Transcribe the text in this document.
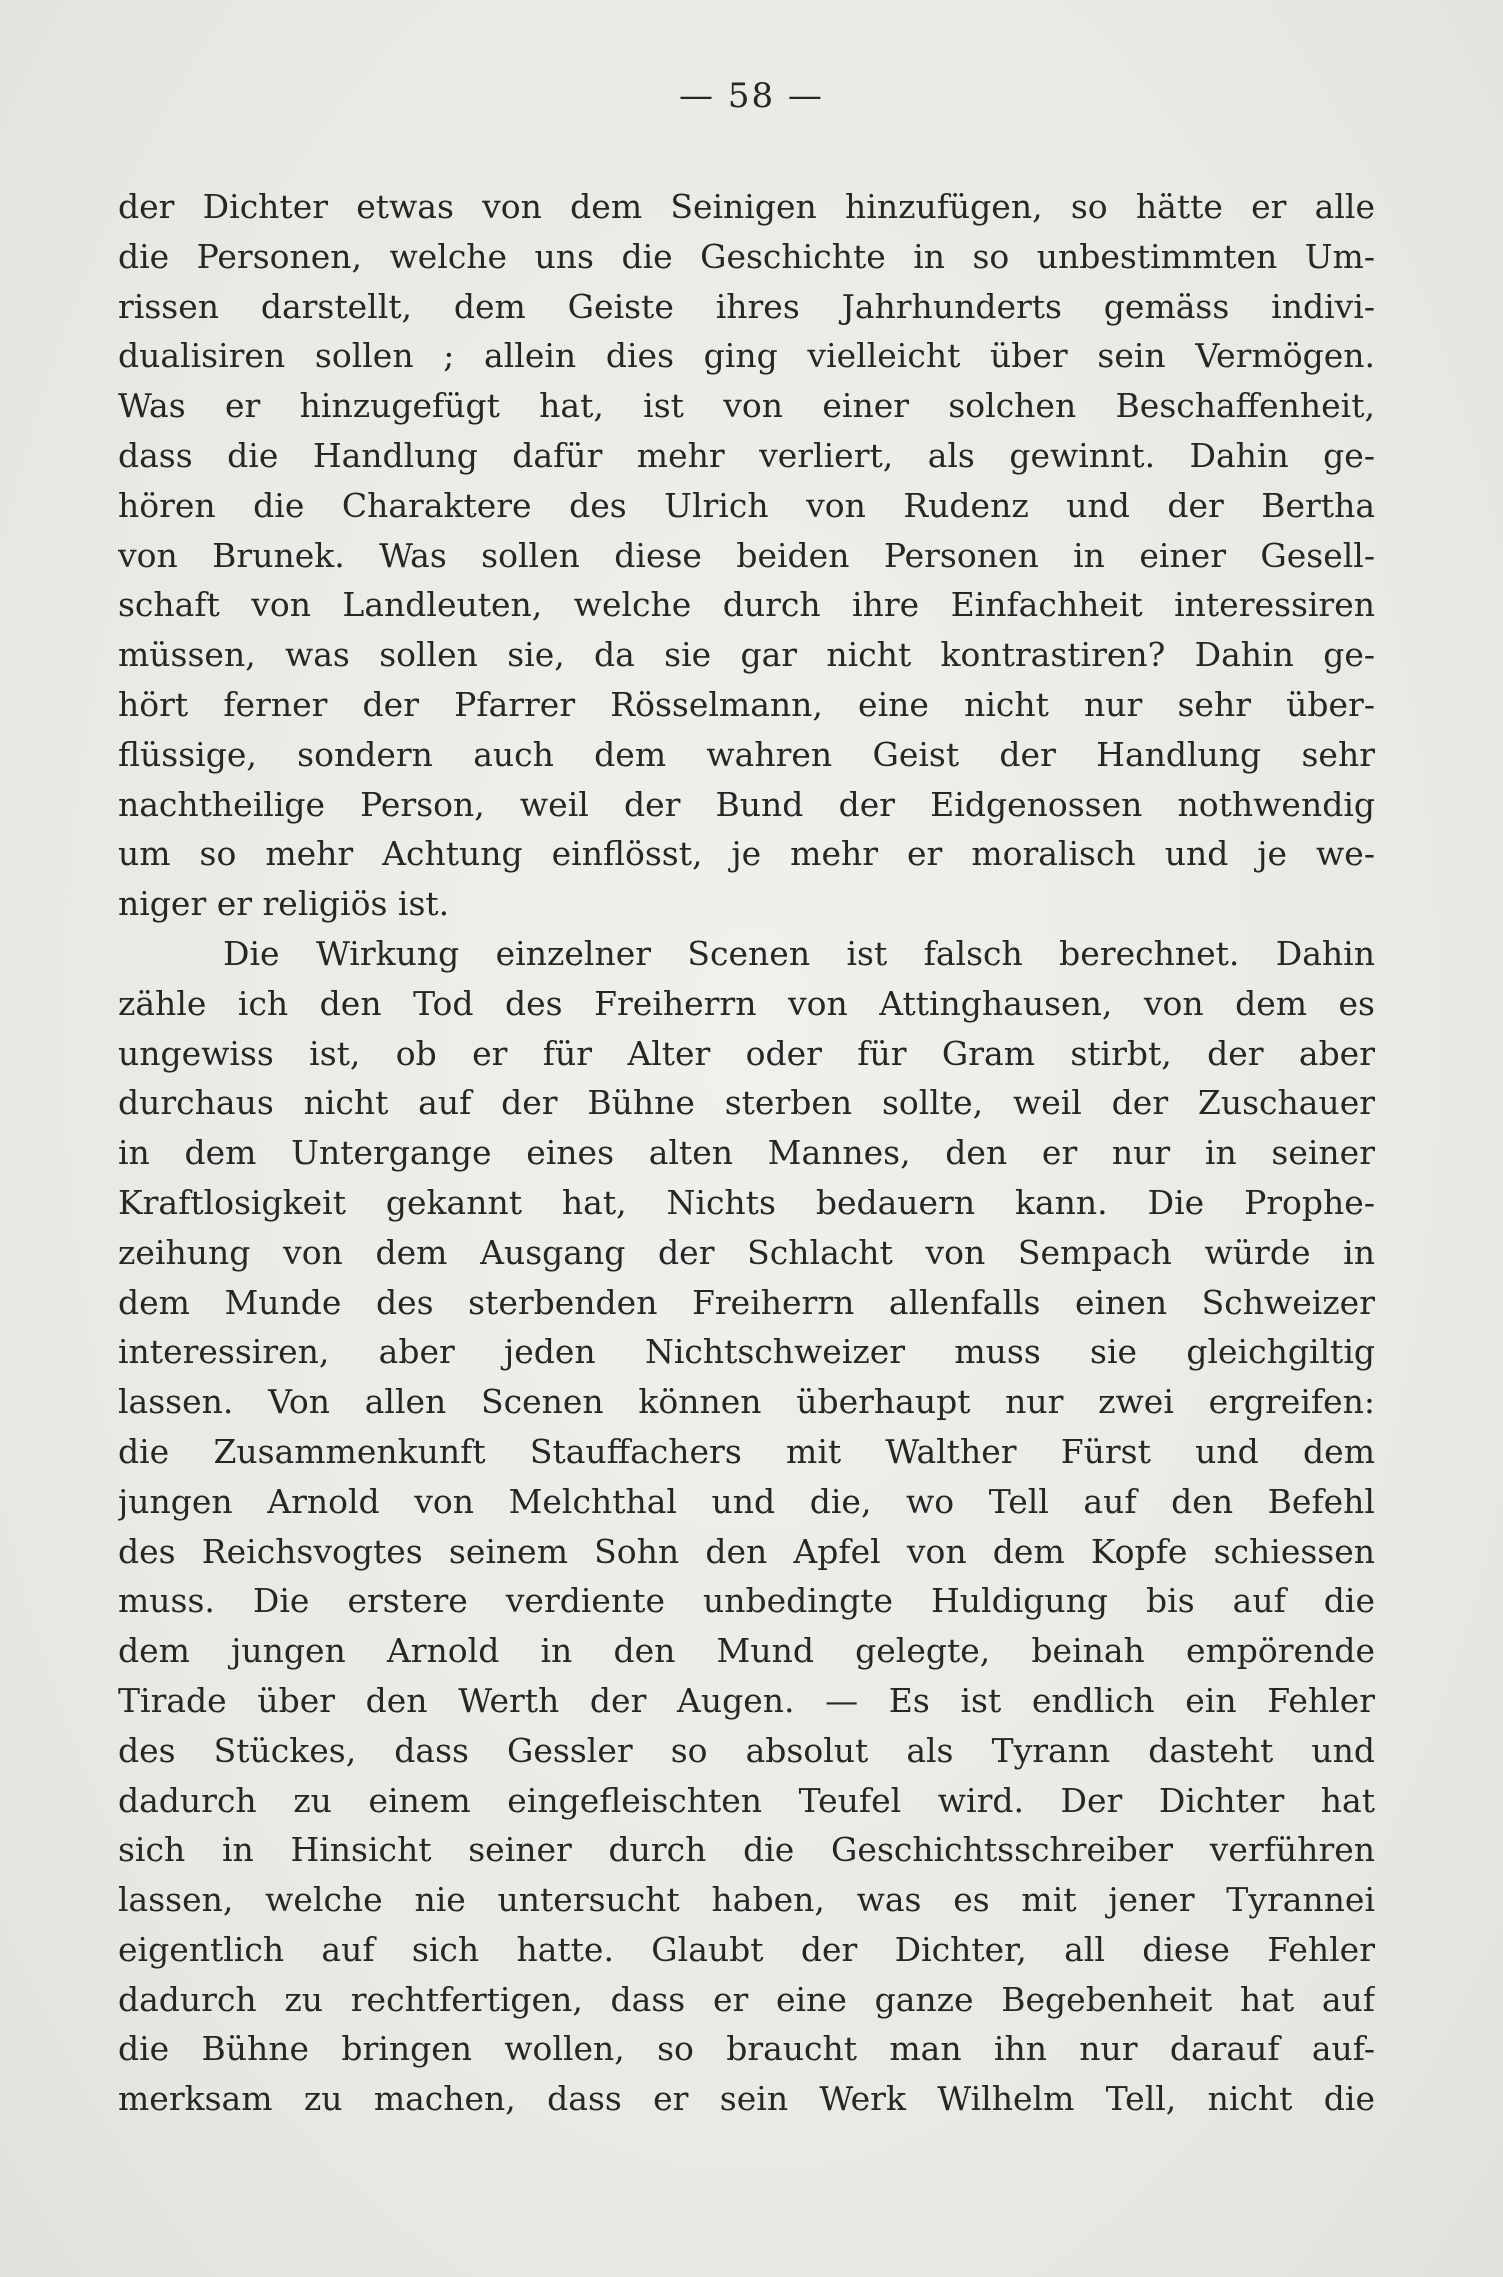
— 58 —
der Dichter etwas von dem Seinigen hinzufügen, so hätte er alle
die Personen, welche uns die Geschichte in so unbestimmten Um-
rissen darstellt, dem Geiste ihres Jahrhunderts gemäss indivi-
dualisiren sollen ; allein dies ging vielleicht über sein Vermögen.
Was er hinzugefügt hat, ist von einer solchen Beschaffenheit,
dass die Handlung dafür mehr verliert, als gewinnt. Dahin ge-
hören die Charaktere des Ulrich von Rudenz und der Bertha
von Brunek. Was sollen diese beiden Personen in einer Gesell-
schaft von Landleuten, welche durch ihre Einfachheit interessiren
müssen, was sollen sie, da sie gar nicht kontrastiren? Dahin ge-
hört ferner der Pfarrer Rösselmann, eine nicht nur sehr über-
flüssige, sondern auch dem wahren Geist der Handlung sehr
nachtheilige Person, weil der Bund der Eidgenossen nothwendig
um so mehr Achtung einflösst, je mehr er moralisch und je we-
niger er religiös ist.
Die Wirkung einzelner Scenen ist falsch berechnet. Dahin
zähle ich den Tod des Freiherrn von Attinghausen, von dem es
ungewiss ist, ob er für Alter oder für Gram stirbt, der aber
durchaus nicht auf der Bühne sterben sollte, weil der Zuschauer
in dem Untergange eines alten Mannes, den er nur in seiner
Kraftlosigkeit gekannt hat, Nichts bedauern kann. Die Prophe-
zeihung von dem Ausgang der Schlacht von Sempach würde in
dem Munde des sterbenden Freiherrn allenfalls einen Schweizer
interessiren, aber jeden Nichtschweizer muss sie gleichgiltig
lassen. Von allen Scenen können überhaupt nur zwei ergreifen:
die Zusammenkunft Stauffachers mit Walther Fürst und dem
jungen Arnold von Melchthal und die, wo Tell auf den Befehl
des Reichsvogtes seinem Sohn den Apfel von dem Kopfe schiessen
muss. Die erstere verdiente unbedingte Huldigung bis auf die
dem jungen Arnold in den Mund gelegte, beinah empörende
Tirade über den Werth der Augen. — Es ist endlich ein Fehler
des Stückes, dass Gessler so absolut als Tyrann dasteht und
dadurch zu einem eingefleischten Teufel wird. Der Dichter hat
sich in Hinsicht seiner durch die Geschichtsschreiber verführen
lassen, welche nie untersucht haben, was es mit jener Tyrannei
eigentlich auf sich hatte. Glaubt der Dichter, all diese Fehler
dadurch zu rechtfertigen, dass er eine ganze Begebenheit hat auf
die Bühne bringen wollen, so braucht man ihn nur darauf auf-
merksam zu machen, dass er sein Werk Wilhelm Tell, nicht die
